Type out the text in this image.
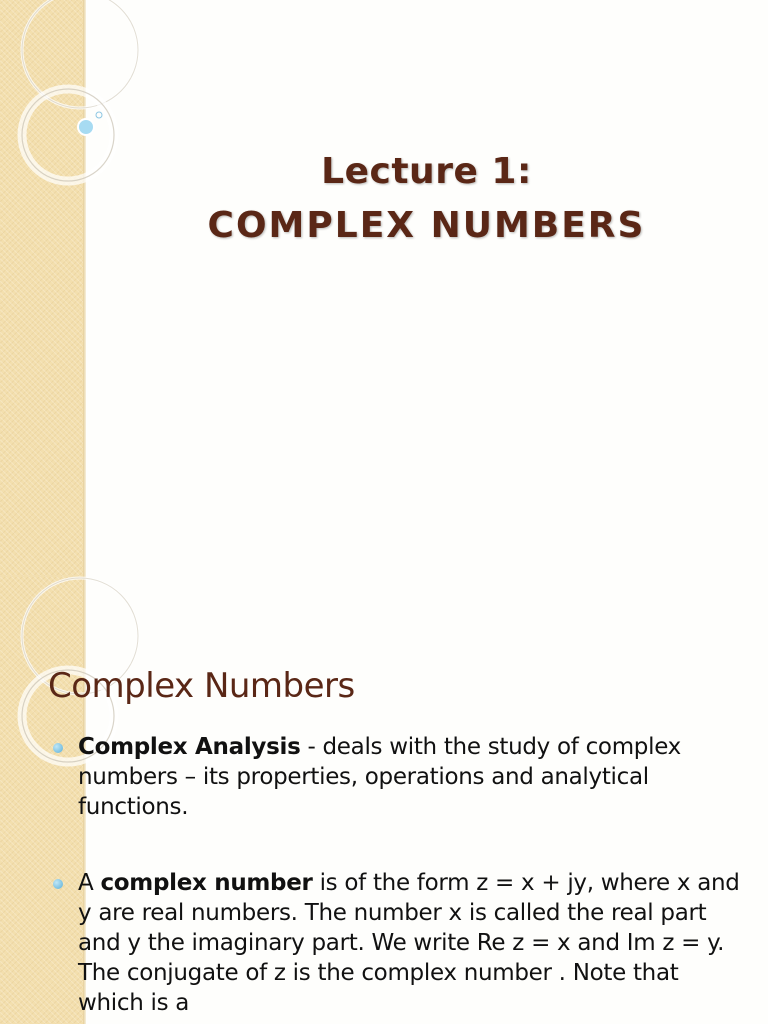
Lecture 1:
COMPLEX NUMBERS
Complex Numbers
Complex Analysis - deals with the study of complex numbers – its properties, operations and analytical functions.
A complex number is of the form z = x + jy, where x and y are real numbers. The number x is called the real part and y the imaginary part. We write Re z = x and Im z = y. The conjugate of z is the complex number . Note that which is a
